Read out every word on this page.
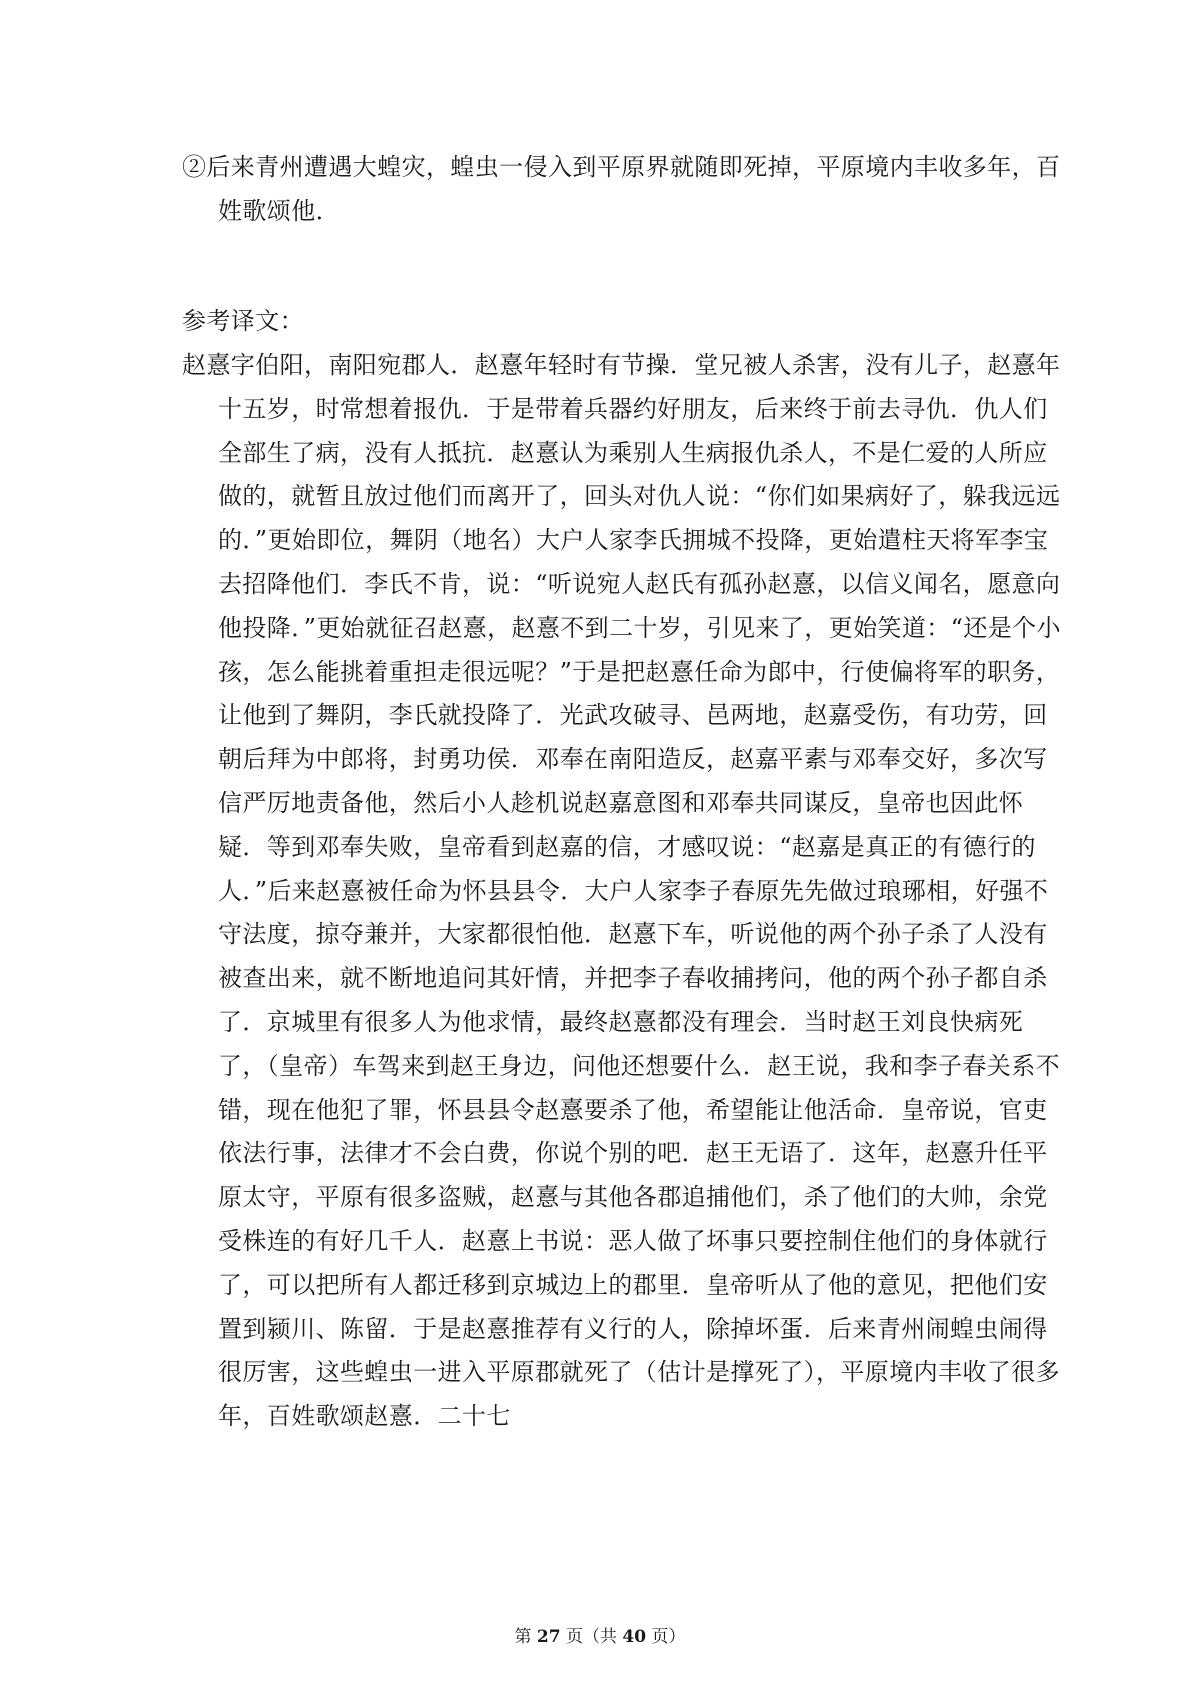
②后来青州遭遇大蝗灾，蝗虫一侵入到平原界就随即死掉，平原境内丰收多年，百姓歌颂他．

参考译文：

赵憙字伯阳，南阳宛郡人．赵憙年轻时有节操．堂兄被人杀害，没有儿子，赵憙年十五岁，时常想着报仇．于是带着兵器约好朋友，后来终于前去寻仇．仇人们全部生了病，没有人抵抗．赵憙认为乘别人生病报仇杀人，不是仁爱的人所应做的，就暂且放过他们而离开了，回头对仇人说：“你们如果病好了，躲我远远的．”更始即位，舞阴（地名）大户人家李氏拥城不投降，更始遣柱天将军李宝去招降他们．李氏不肯，说：“听说宛人赵氏有孤孙赵憙，以信义闻名，愿意向他投降．”更始就征召赵憙，赵憙不到二十岁，引见来了，更始笑道：“还是个小孩，怎么能挑着重担走很远呢？”于是把赵憙任命为郎中，行使偏将军的职务，让他到了舞阴，李氏就投降了．光武攻破寻、邑两地，赵嘉受伤，有功劳，回朝后拜为中郎将，封勇功侯．邓奉在南阳造反，赵嘉平素与邓奉交好，多次写信严厉地责备他，然后小人趁机说赵嘉意图和邓奉共同谋反，皇帝也因此怀疑．等到邓奉失败，皇帝看到赵嘉的信，才感叹说：“赵嘉是真正的有德行的人．”后来赵憙被任命为怀县县令．大户人家李子春原先先做过琅琊相，好强不守法度，掠夺兼并，大家都很怕他．赵憙下车，听说他的两个孙子杀了人没有被查出来，就不断地追问其奸情，并把李子春收捕拷问，他的两个孙子都自杀了．京城里有很多人为他求情，最终赵憙都没有理会．当时赵王刘良快病死了，（皇帝）车驾来到赵王身边，问他还想要什么．赵王说，我和李子春关系不错，现在他犯了罪，怀县县令赵憙要杀了他，希望能让他活命．皇帝说，官吏依法行事，法律才不会白费，你说个别的吧．赵王无语了．这年，赵憙升任平原太守，平原有很多盗贼，赵憙与其他各郡追捕他们，杀了他们的大帅，余党受株连的有好几千人．赵憙上书说：恶人做了坏事只要控制住他们的身体就行了，可以把所有人都迁移到京城边上的郡里．皇帝听从了他的意见，把他们安置到颍川、陈留．于是赵憙推荐有义行的人，除掉坏蛋．后来青州闹蝗虫闹得很厉害，这些蝗虫一进入平原郡就死了（估计是撑死了），平原境内丰收了很多年，百姓歌颂赵憙．二十七

第 27 页（共 40 页）
